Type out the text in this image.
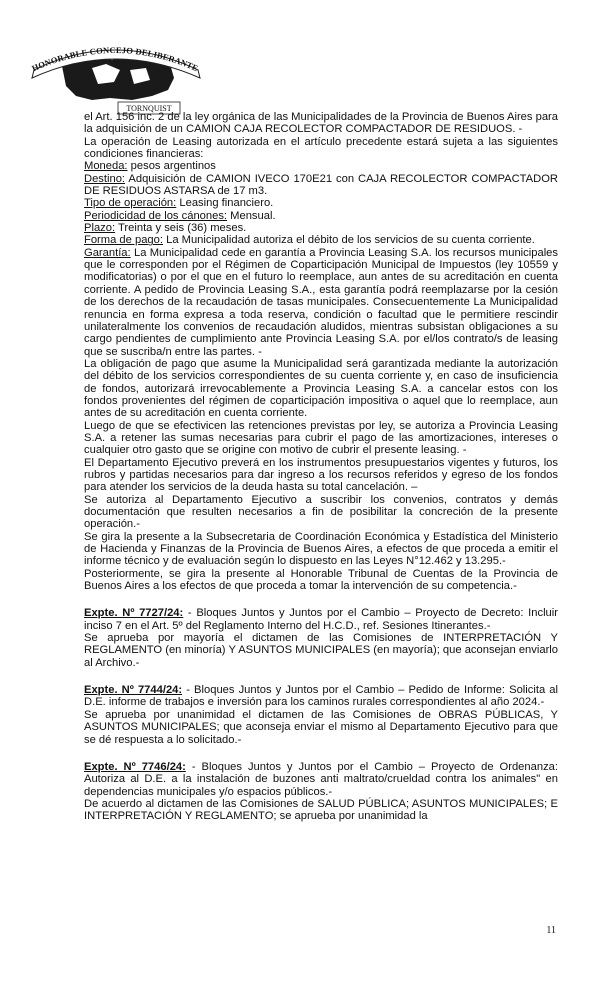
HONORABLE CONCEJO DELIBERANTE
TORNQUIST

el Art. 156 inc. 2 de la ley orgánica de las Municipalidades de la Provincia de Buenos Aires para la adquisición de un CAMION CAJA RECOLECTOR COMPACTADOR DE RESIDUOS. -

La operación de Leasing autorizada en el artículo precedente estará sujeta a las siguientes condiciones financieras:

Moneda: pesos argentinos

Destino: Adquisición de CAMION IVECO 170E21 con CAJA RECOLECTOR COMPACTADOR DE RESIDUOS ASTARSA de 17 m3.

Tipo de operación: Leasing financiero.

Periodicidad de los cánones: Mensual.

Plazo: Treinta y seis (36) meses.

Forma de pago: La Municipalidad autoriza el débito de los servicios de su cuenta corriente.

Garantía: La Municipalidad cede en garantía a Provincia Leasing S.A. los recursos municipales que le corresponden por el Régimen de Coparticipación Municipal de Impuestos (ley 10559 y modificatorias) o por el que en el futuro lo reemplace, aun antes de su acreditación en cuenta corriente. A pedido de Provincia Leasing S.A., esta garantía podrá reemplazarse por la cesión de los derechos de la recaudación de tasas municipales. Consecuentemente La Municipalidad renuncia en forma expresa a toda reserva, condición o facultad que le permitiere rescindir unilateralmente los convenios de recaudación aludidos, mientras subsistan obligaciones a su cargo pendientes de cumplimiento ante Provincia Leasing S.A. por el/los contrato/s de leasing que se suscriba/n entre las partes. -

La obligación de pago que asume la Municipalidad será garantizada mediante la autorización del débito de los servicios correspondientes de su cuenta corriente y, en caso de insuficiencia de fondos, autorizará irrevocablemente a Provincia Leasing S.A. a cancelar estos con los fondos provenientes del régimen de coparticipación impositiva o aquel que lo reemplace, aun antes de su acreditación en cuenta corriente.

Luego de que se efectivicen las retenciones previstas por ley, se autoriza a Provincia Leasing S.A. a retener las sumas necesarias para cubrir el pago de las amortizaciones, intereses o cualquier otro gasto que se origine con motivo de cubrir el presente leasing. -

El Departamento Ejecutivo preverá en los instrumentos presupuestarios vigentes y futuros, los rubros y partidas necesarios para dar ingreso a los recursos referidos y egreso de los fondos para atender los servicios de la deuda hasta su total cancelación. –

Se autoriza al Departamento Ejecutivo a suscribir los convenios, contratos y demás documentación que resulten necesarios a fin de posibilitar la concreción de la presente operación.-

Se gira la presente a la Subsecretaria de Coordinación Económica y Estadística del Ministerio de Hacienda y Finanzas de la Provincia de Buenos Aires, a efectos de que proceda a emitir el informe técnico y de evaluación según lo dispuesto en las Leyes N°12.462 y 13.295.-

Posteriormente, se gira la presente al Honorable Tribunal de Cuentas de la Provincia de Buenos Aires a los efectos de que proceda a tomar la intervención de su competencia.-

Expte. Nº 7727/24: - Bloques Juntos y Juntos por el Cambio – Proyecto de Decreto: Incluir inciso 7 en el Art. 5º del Reglamento Interno del H.C.D., ref. Sesiones Itinerantes.-

Se aprueba por mayoría el dictamen de las Comisiones de INTERPRETACIÓN Y REGLAMENTO (en minoría) Y ASUNTOS MUNICIPALES (en mayoría); que aconsejan enviarlo al Archivo.-

Expte. Nº 7744/24: - Bloques Juntos y Juntos por el Cambio – Pedido de Informe: Solicita al D.E. informe de trabajos e inversión para los caminos rurales correspondientes al año 2024.-

Se aprueba por unanimidad el dictamen de las Comisiones de OBRAS PÚBLICAS, Y ASUNTOS MUNICIPALES; que aconseja enviar el mismo al Departamento Ejecutivo para que se dé respuesta a lo solicitado.-

Expte. Nº 7746/24: - Bloques Juntos y Juntos por el Cambio – Proyecto de Ordenanza: Autoriza al D.E. a la instalación de buzones anti maltrato/crueldad contra los animales" en dependencias municipales y/o espacios públicos.-

De acuerdo al dictamen de las Comisiones de SALUD PÚBLICA; ASUNTOS MUNICIPALES; E INTERPRETACIÓN Y REGLAMENTO; se aprueba por unanimidad la

11
